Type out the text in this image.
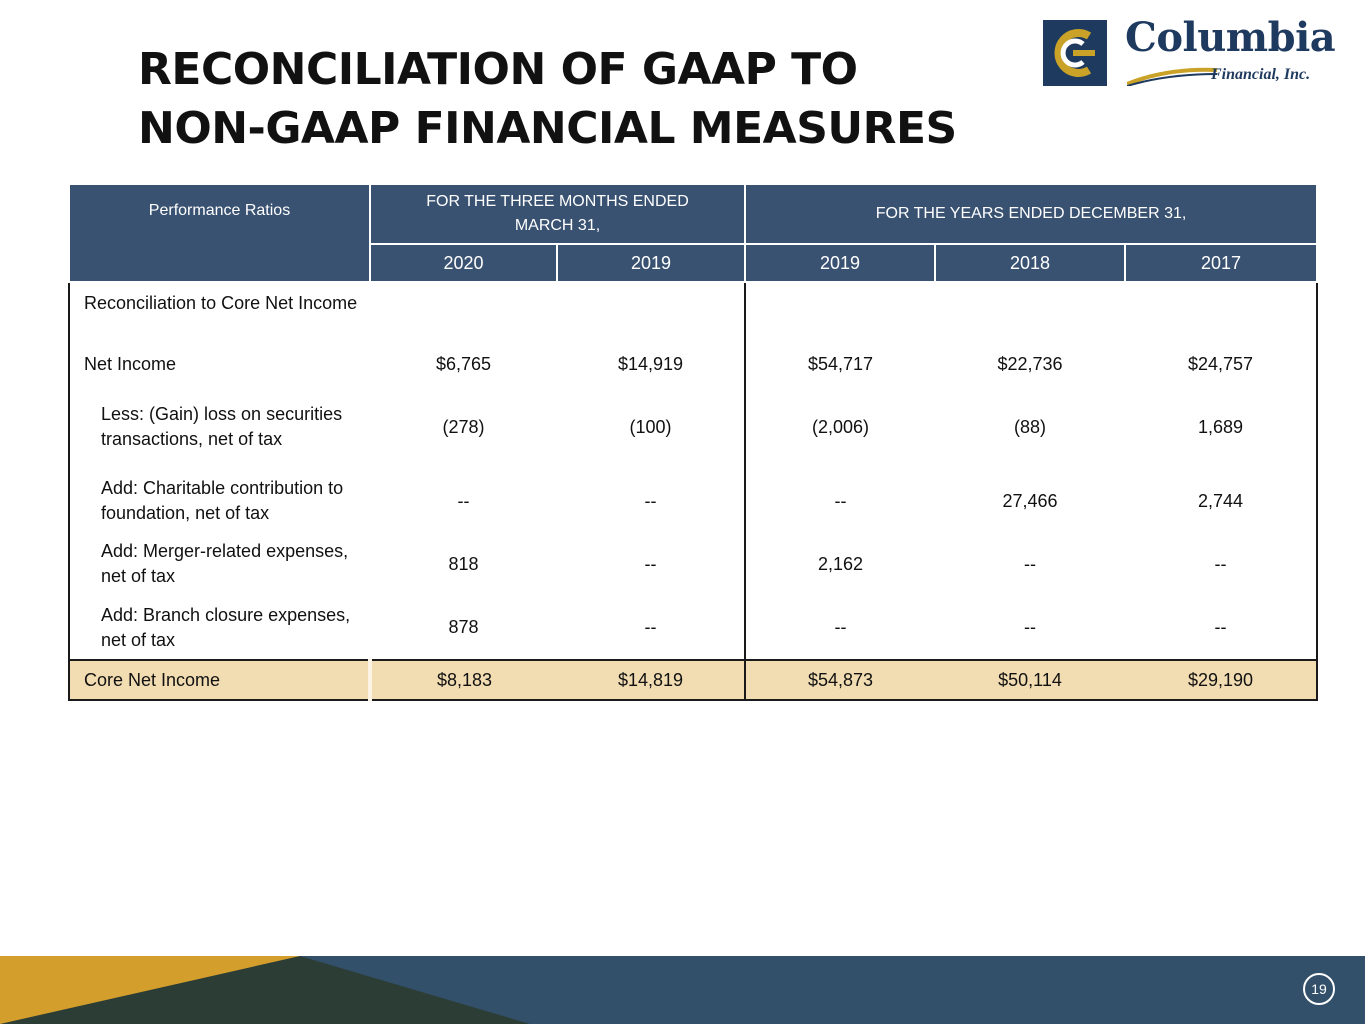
RECONCILIATION OF GAAP TO
NON-GAAP FINANCIAL MEASURES
Columbia
Financial, Inc.
Performance Ratios	FOR THE THREE MONTHS ENDED MARCH 31,		FOR THE YEARS ENDED DECEMBER 31,		
	2020	2019	2019	2018	2017
Reconciliation to Core Net Income					
Net Income	$6,765	$14,919	$54,717	$22,736	$24,757
Less: (Gain) loss on securities transactions, net of tax	(278)	(100)	(2,006)	(88)	1,689
Add: Charitable contribution to foundation, net of tax	--	--	--	27,466	2,744
Add: Merger-related expenses, net of tax	818	--	2,162	--	--
Add: Branch closure expenses, net of tax	878	--	--	--	--
Core Net Income	$8,183	$14,819	$54,873	$50,114	$29,190
19
